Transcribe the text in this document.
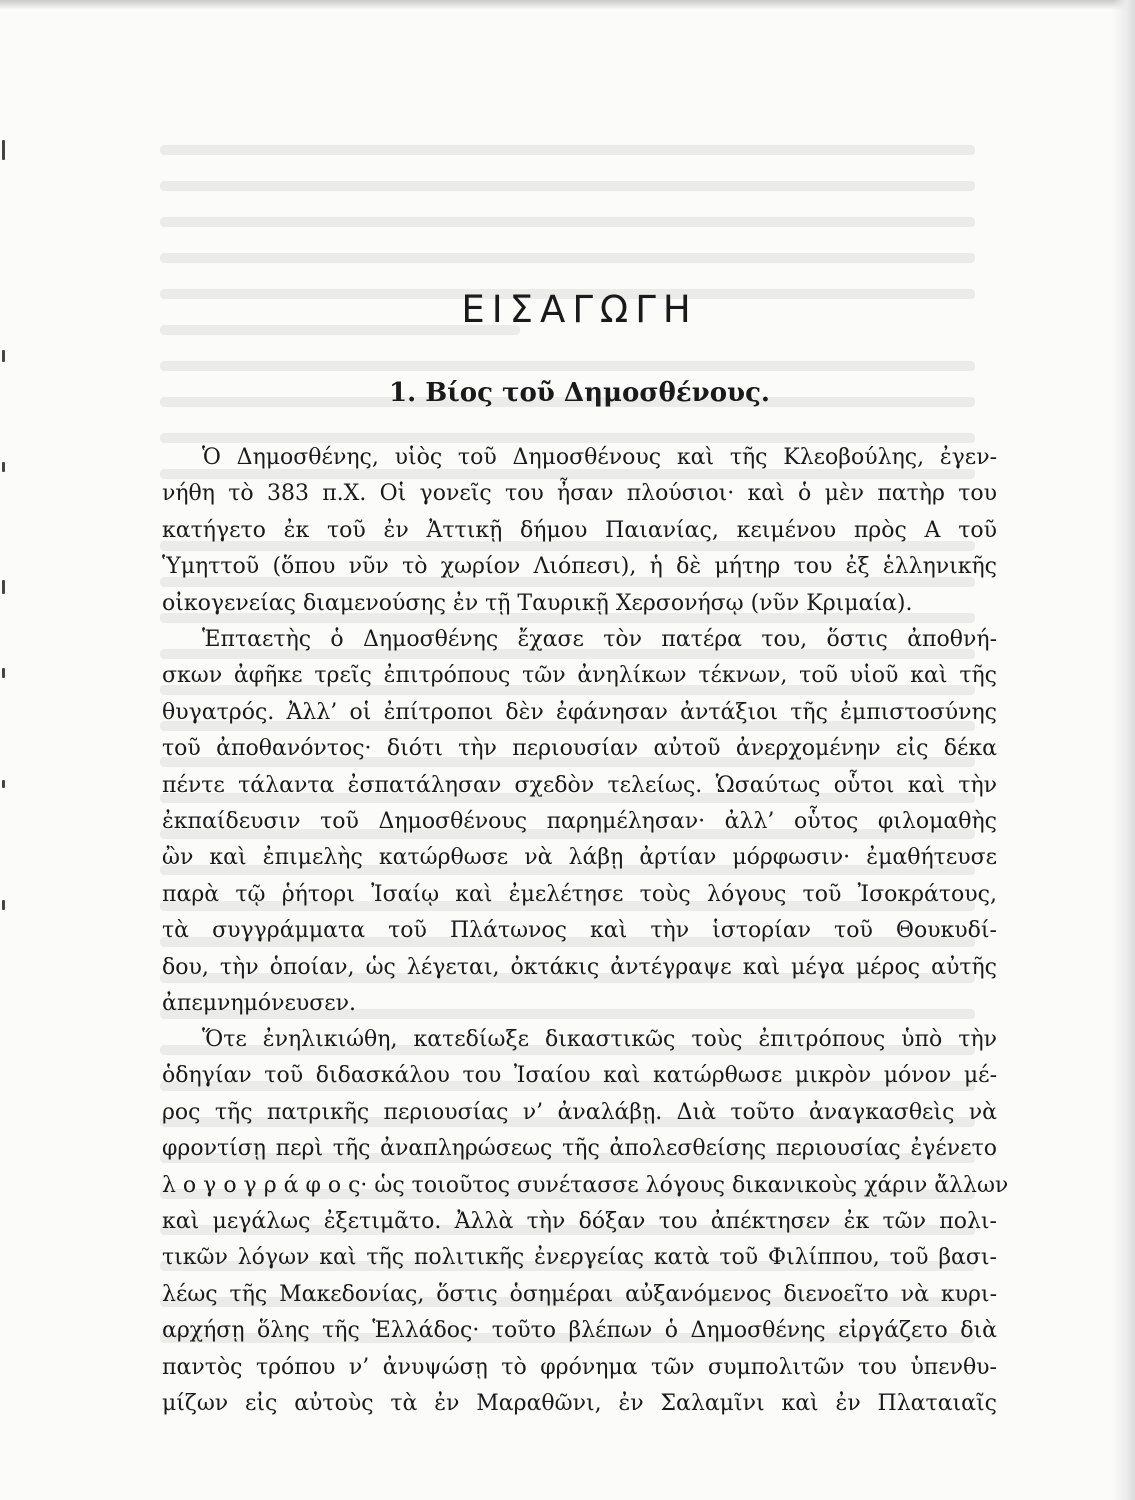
ΕΙΣΑΓΩΓΗ
1. Βίος τοῦ Δημοσθένους.
Ὁ Δημοσθένης, υἱὸς τοῦ Δημοσθένους καὶ τῆς Κλεοβούλης, ἐγεν-
νήθη τὸ 383 π.Χ. Οἱ γονεῖς του ἦσαν πλούσιοι· καὶ ὁ μὲν πατὴρ του
κατήγετο ἐκ τοῦ ἐν Ἀττικῇ δήμου Παιανίας, κειμένου πρὸς Α τοῦ
Ὑμηττοῦ (ὅπου νῦν τὸ χωρίον Λιόπεσι), ἡ δὲ μήτηρ του ἐξ ἑλληνικῆς
οἰκογενείας διαμενούσης ἐν τῇ Ταυρικῇ Χερσονήσῳ (νῦν Κριμαία).
Ἑπταετὴς ὁ Δημοσθένης ἔχασε τὸν πατέρα του, ὅστις ἀποθνή-
σκων ἀφῆκε τρεῖς ἐπιτρόπους τῶν ἀνηλίκων τέκνων, τοῦ υἱοῦ καὶ τῆς
θυγατρός. Ἀλλ’ οἱ ἐπίτροποι δὲν ἐφάνησαν ἀντάξιοι τῆς ἐμπιστοσύνης
τοῦ ἀποθανόντος· διότι τὴν περιουσίαν αὐτοῦ ἀνερχομένην εἰς δέκα
πέντε τάλαντα ἐσπατάλησαν σχεδὸν τελείως. Ὡσαύτως οὗτοι καὶ τὴν
ἐκπαίδευσιν τοῦ Δημοσθένους παρημέλησαν· ἀλλ’ οὗτος φιλομαθὴς
ὢν καὶ ἐπιμελὴς κατώρθωσε νὰ λάβῃ ἀρτίαν μόρφωσιν· ἐμαθήτευσε
παρὰ τῷ ῥήτορι Ἰσαίῳ καὶ ἐμελέτησε τοὺς λόγους τοῦ Ἰσοκράτους,
τὰ συγγράμματα τοῦ Πλάτωνος καὶ τὴν ἱστορίαν τοῦ Θουκυδί-
δου, τὴν ὁποίαν, ὡς λέγεται, ὀκτάκις ἀντέγραψε καὶ μέγα μέρος αὐτῆς
ἀπεμνημόνευσεν.
Ὅτε ἐνηλικιώθη, κατεδίωξε δικαστικῶς τοὺς ἐπιτρόπους ὑπὸ τὴν
ὁδηγίαν τοῦ διδασκάλου του Ἰσαίου καὶ κατώρθωσε μικρὸν μόνον μέ-
ρος τῆς πατρικῆς περιουσίας ν’ ἀναλάβῃ. Διὰ τοῦτο ἀναγκασθεὶς νὰ
φροντίσῃ περὶ τῆς ἀναπληρώσεως τῆς ἀπολεσθείσης περιουσίας ἐγένετο
λ ο γ ο γ ρ ά φ ο ς· ὡς τοιοῦτος συνέτασσε λόγους δικανικοὺς χάριν ἄλλων
καὶ μεγάλως ἐξετιμᾶτο. Ἀλλὰ τὴν δόξαν του ἀπέκτησεν ἐκ τῶν πολι-
τικῶν λόγων καὶ τῆς πολιτικῆς ἐνεργείας κατὰ τοῦ Φιλίππου, τοῦ βασι-
λέως τῆς Μακεδονίας, ὅστις ὁσημέραι αὐξανόμενος διενοεῖτο νὰ κυρι-
αρχήσῃ ὅλης τῆς Ἑλλάδος· τοῦτο βλέπων ὁ Δημοσθένης εἰργάζετο διὰ
παντὸς τρόπου ν’ ἀνυψώσῃ τὸ φρόνημα τῶν συμπολιτῶν του ὑπενθυ-
μίζων εἰς αὐτοὺς τὰ ἐν Μαραθῶνι, ἐν Σαλαμῖνι καὶ ἐν Πλαταιαῖς
